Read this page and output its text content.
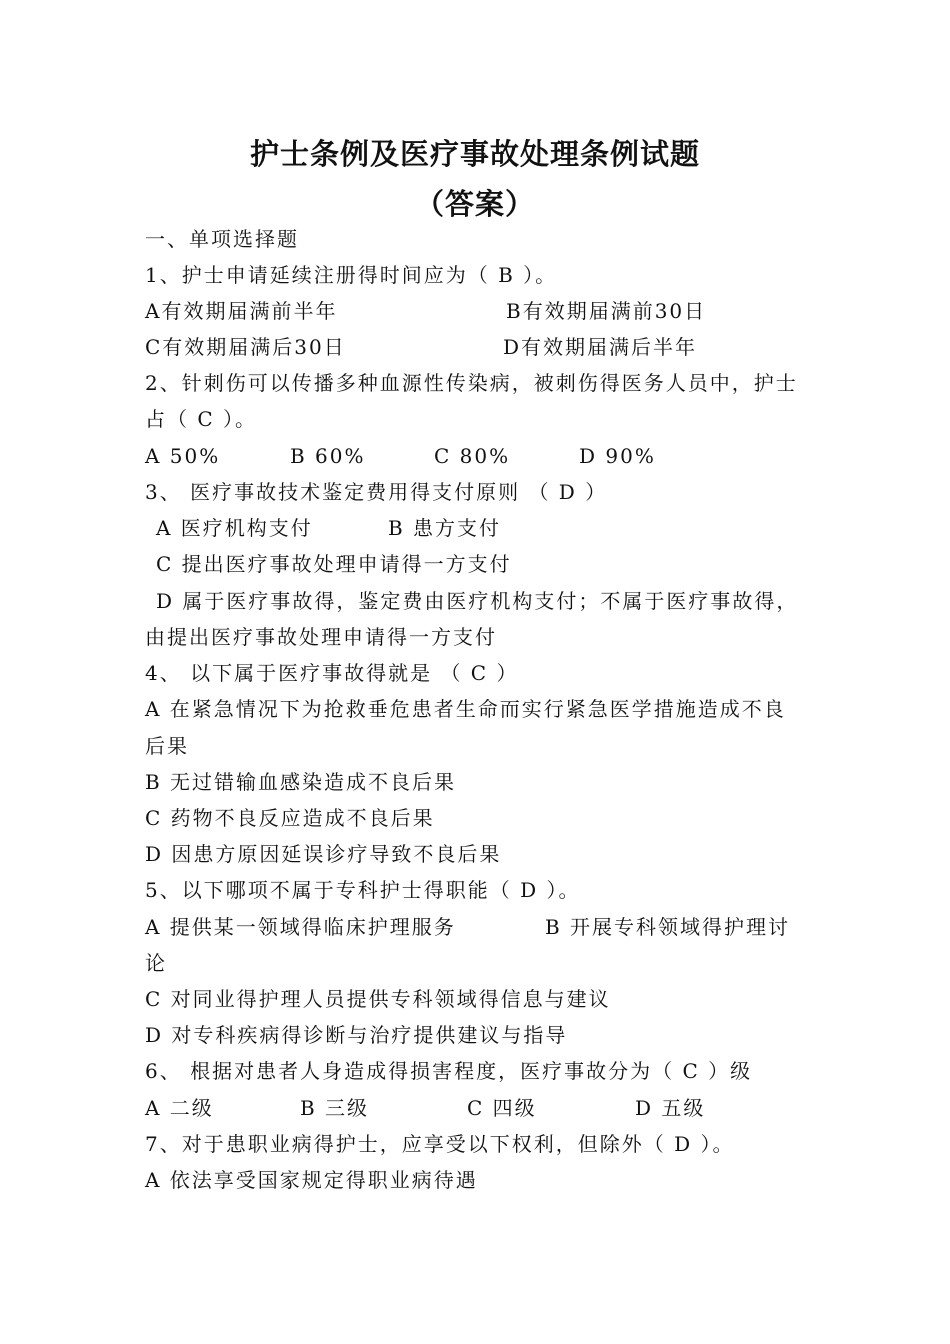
护士条例及医疗事故处理条例试题
（答案）
一、单项选择题
1、护士申请延续注册得时间应为（ B ）。
A有效期届满前半年	B有效期届满前30日
C有效期届满后30日	D有效期届满后半年
2、针刺伤可以传播多种血源性传染病，被刺伤得医务人员中，护士
占（ C ）。
A 50%	B 60%	C 80%	D 90%
3、 医疗事故技术鉴定费用得支付原则 （ D ）
A 医疗机构支付	B 患方支付
C 提出医疗事故处理申请得一方支付
D 属于医疗事故得，鉴定费由医疗机构支付；不属于医疗事故得，
由提出医疗事故处理申请得一方支付
4、 以下属于医疗事故得就是 （ C ）
A 在紧急情况下为抢救垂危患者生命而实行紧急医学措施造成不良
后果
B 无过错输血感染造成不良后果
C 药物不良反应造成不良后果
D 因患方原因延误诊疗导致不良后果
5、以下哪项不属于专科护士得职能（ D ）。
A 提供某一领域得临床护理服务	B 开展专科领域得护理讨
论
C 对同业得护理人员提供专科领域得信息与建议
D 对专科疾病得诊断与治疗提供建议与指导
6、 根据对患者人身造成得损害程度，医疗事故分为（ C ）级
A 二级	B 三级	C 四级	D 五级
7、对于患职业病得护士，应享受以下权利，但除外（ D ）。
A 依法享受国家规定得职业病待遇
